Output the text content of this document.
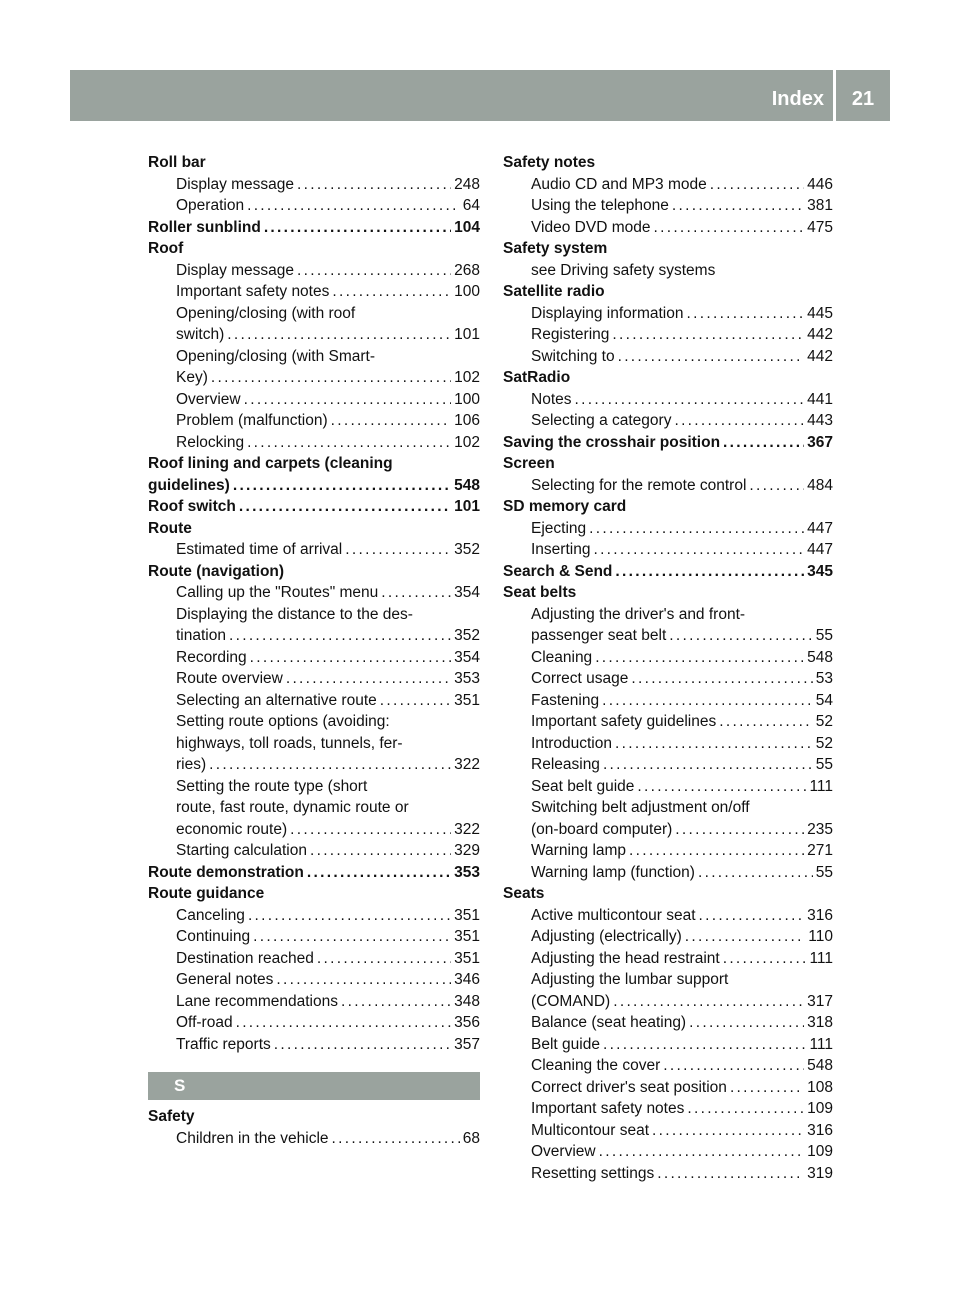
Index	21
Roll bar
Display message . . .	248
Operation . . .	64
Roller sunblind . . .	104
Roof
Display message . . .	268
Important safety notes . . .	100
Opening/closing (with roof
switch) . . .	101
Opening/closing (with Smart-
Key) . . .	102
Overview . . .	100
Problem (malfunction) . . .	106
Relocking . . .	102
Roof lining and carpets (cleaning
guidelines) . . .	548
Roof switch . . .	101
Route
Estimated time of arrival . . .	352
Route (navigation)
Calling up the "Routes" menu . . .	354
Displaying the distance to the des-
tination . . .	352
Recording . . .	354
Route overview . . .	353
Selecting an alternative route . . .	351
Setting route options (avoiding:
highways, toll roads, tunnels, fer-
ries) . . .	322
Setting the route type (short
route, fast route, dynamic route or
economic route) . . .	322
Starting calculation . . .	329
Route demonstration . . .	353
Route guidance
Canceling . . .	351
Continuing . . .	351
Destination reached . . .	351
General notes . . .	346
Lane recommendations . . .	348
Off-road . . .	356
Traffic reports . . .	357
S
Safety
Children in the vehicle . . .	68
Safety notes
Audio CD and MP3 mode . . .	446
Using the telephone . . .	381
Video DVD mode . . .	475
Safety system
see Driving safety systems
Satellite radio
Displaying information . . .	445
Registering . . .	442
Switching to . . .	442
SatRadio
Notes . . .	441
Selecting a category . . .	443
Saving the crosshair position . . .	367
Screen
Selecting for the remote control . . .	484
SD memory card
Ejecting . . .	447
Inserting . . .	447
Search & Send . . .	345
Seat belts
Adjusting the driver's and front-
passenger seat belt . . .	55
Cleaning . . .	548
Correct usage . . .	53
Fastening . . .	54
Important safety guidelines . . .	52
Introduction . . .	52
Releasing . . .	55
Seat belt guide . . .	111
Switching belt adjustment on/off
(on-board computer) . . .	235
Warning lamp . . .	271
Warning lamp (function) . . .	55
Seats
Active multicontour seat . . .	316
Adjusting (electrically) . . .	110
Adjusting the head restraint . . .	111
Adjusting the lumbar support
(COMAND) . . .	317
Balance (seat heating) . . .	318
Belt guide . . .	111
Cleaning the cover . . .	548
Correct driver's seat position . . .	108
Important safety notes . . .	109
Multicontour seat . . .	316
Overview . . .	109
Resetting settings . . .	319
